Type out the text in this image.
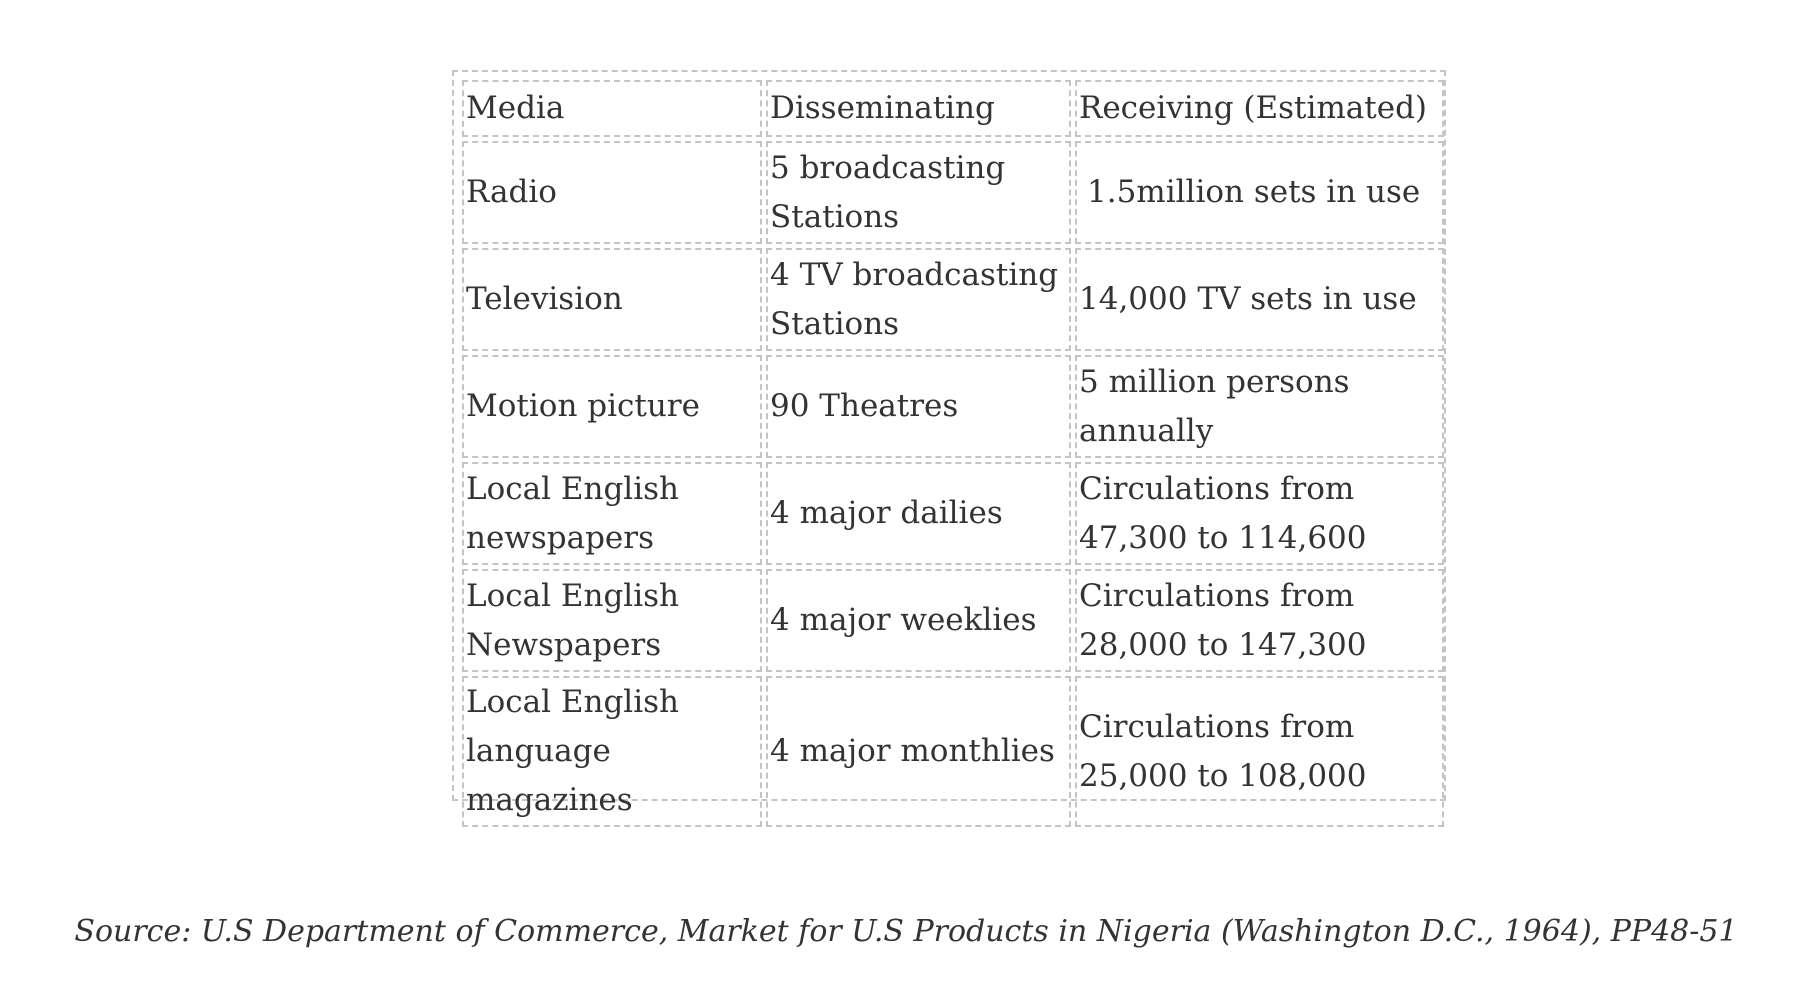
Media	Disseminating	Receiving (Estimated)
Radio	5 broadcasting Stations	1.5million sets in use
Television	4 TV broadcasting Stations	14,000 TV sets in use
Motion picture	90 Theatres	5 million persons annually
Local English newspapers	4 major dailies	Circulations from 47,300 to 114,600
Local English Newspapers	4 major weeklies	Circulations from 28,000 to 147,300
Local English language magazines	4 major monthlies	Circulations from 25,000 to 108,000
Source: U.S Department of Commerce, Market for U.S Products in Nigeria (Washington D.C., 1964), PP48-51
